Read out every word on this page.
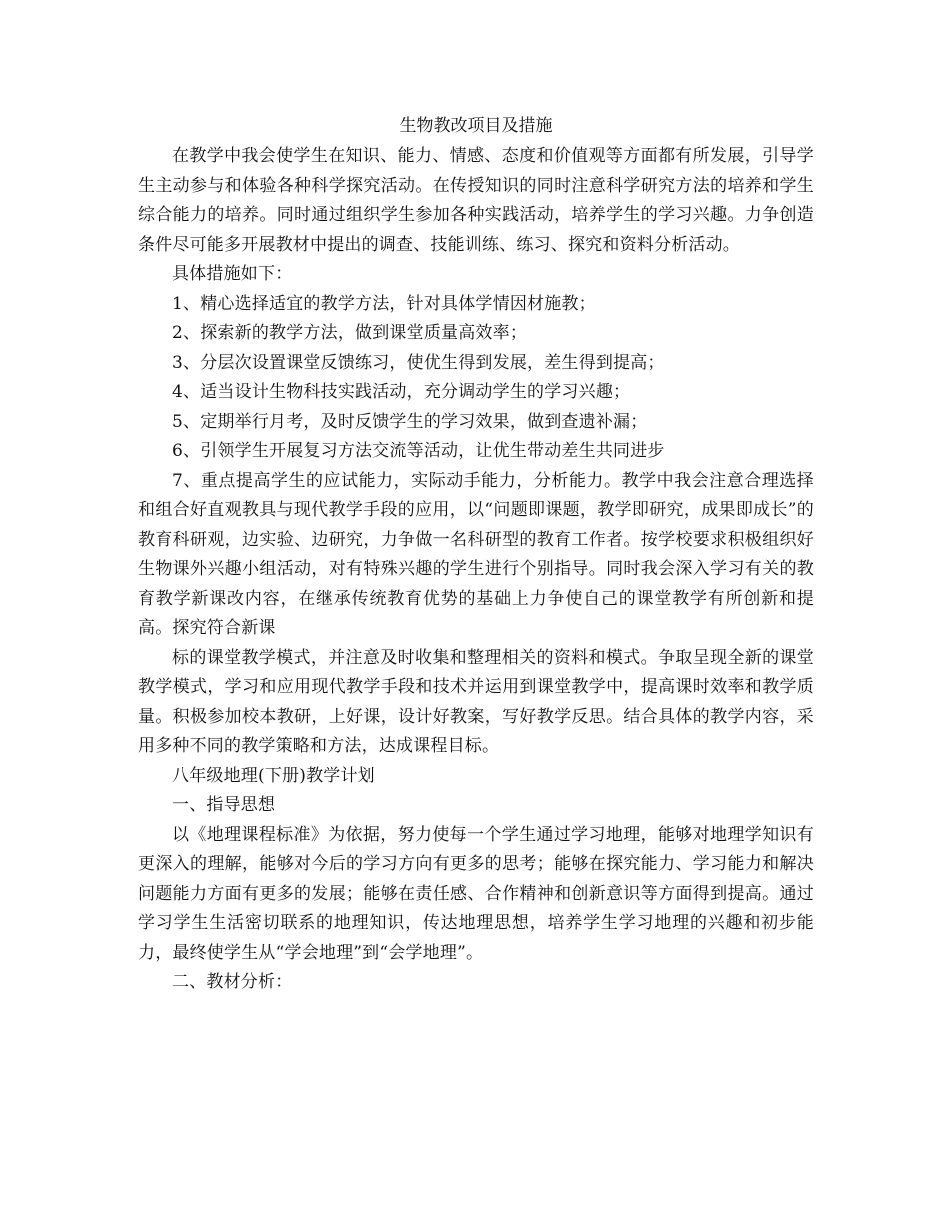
生物教改项目及措施

在教学中我会使学生在知识、能力、情感、态度和价值观等方面都有所发展，引导学生主动参与和体验各种科学探究活动。在传授知识的同时注意科学研究方法的培养和学生综合能力的培养。同时通过组织学生参加各种实践活动，培养学生的学习兴趣。力争创造条件尽可能多开展教材中提出的调查、技能训练、练习、探究和资料分析活动。

具体措施如下：

1、精心选择适宜的教学方法，针对具体学情因材施教；

2、探索新的教学方法，做到课堂质量高效率；

3、分层次设置课堂反馈练习，使优生得到发展，差生得到提高；

4、适当设计生物科技实践活动，充分调动学生的学习兴趣；

5、定期举行月考，及时反馈学生的学习效果，做到查遗补漏；

6、引领学生开展复习方法交流等活动，让优生带动差生共同进步

7、重点提高学生的应试能力，实际动手能力，分析能力。教学中我会注意合理选择和组合好直观教具与现代教学手段的应用，以“问题即课题，教学即研究，成果即成长”的教育科研观，边实验、边研究，力争做一名科研型的教育工作者。按学校要求积极组织好生物课外兴趣小组活动，对有特殊兴趣的学生进行个别指导。同时我会深入学习有关的教育教学新课改内容，在继承传统教育优势的基础上力争使自己的课堂教学有所创新和提高。探究符合新课

标的课堂教学模式，并注意及时收集和整理相关的资料和模式。争取呈现全新的课堂教学模式，学习和应用现代教学手段和技术并运用到课堂教学中，提高课时效率和教学质量。积极参加校本教研，上好课，设计好教案，写好教学反思。结合具体的教学内容，采用多种不同的教学策略和方法，达成课程目标。

八年级地理(下册)教学计划

一、指导思想

以《地理课程标准》为依据，努力使每一个学生通过学习地理，能够对地理学知识有更深入的理解，能够对今后的学习方向有更多的思考；能够在探究能力、学习能力和解决问题能力方面有更多的发展；能够在责任感、合作精神和创新意识等方面得到提高。通过学习学生生活密切联系的地理知识，传达地理思想，培养学生学习地理的兴趣和初步能力，最终使学生从“学会地理”到“会学地理”。

二、教材分析：
